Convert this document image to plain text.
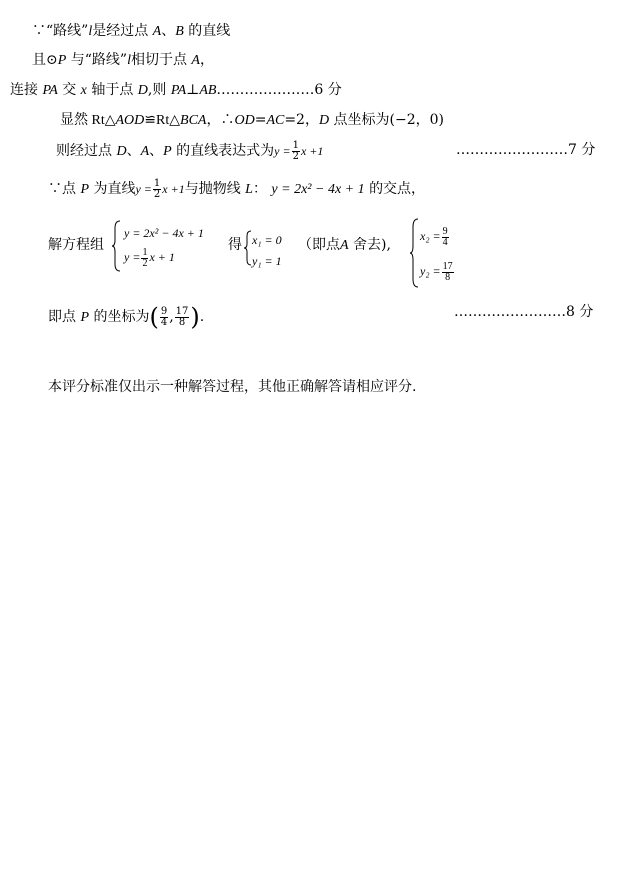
∵“路线”l是经过点 A、B 的直线
且⊙P 与“路线”l相切于点 A，
连接 PA 交 x 轴于点 D,则 PA⊥AB…………………6 分
显然 Rt△AOD≌Rt△BCA，∴OD=AC=2，D 点坐标为(−2，0)
则经过点 D、A、P 的直线表达式为$y = \frac{1}{2}$ x +1	……………………7 分
∵点 P 为直线$y = \frac{1}{2}$ x +1与抛物线 L： y = 2x² − 4x + 1 的交点，
解方程组
y = 2x² − 4x + 1
$y = \frac{1}{2}$ x + 1
得 x₁ = 0
y₁ = 1
（即点A 舍去),
$x_2 = \frac{9}{4}$
$y_2 = \frac{17}{8}$
即点 P 的坐标为( $\frac{9}{4}$ , $\frac{17}{8}$ ).	……………………8 分
本评分标准仅出示一种解答过程，其他正确解答请相应评分.
